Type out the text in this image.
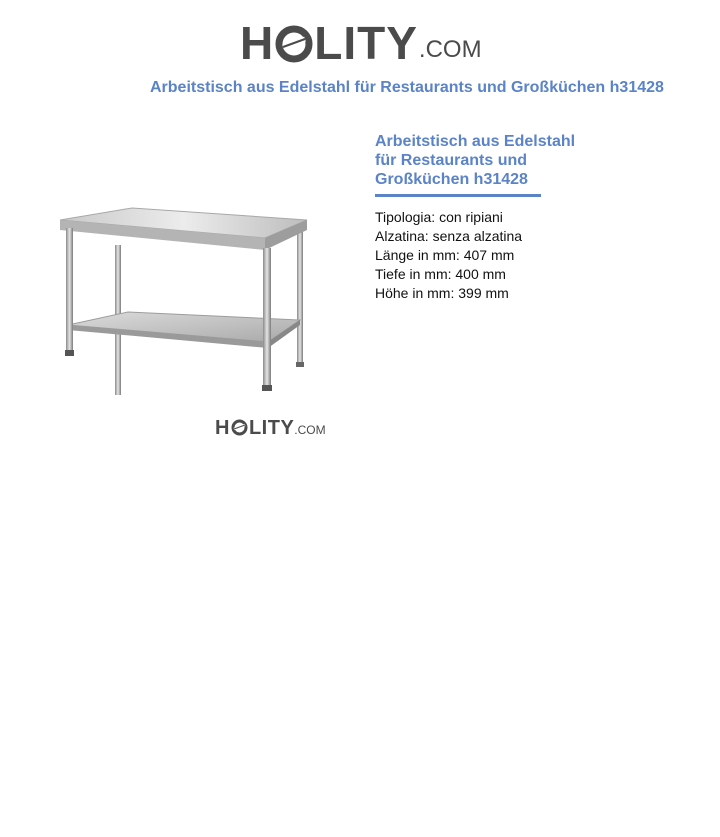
H LITY .COM
Arbeitstisch aus Edelstahl für Restaurants und Großküchen h31428
H LITY .COM
Arbeitstisch aus Edelstahl für Restaurants und Großküchen h31428
Tipologia: con ripiani
Alzatina: senza alzatina
Länge in mm: 407 mm
Tiefe in mm: 400 mm
Höhe in mm: 399 mm
